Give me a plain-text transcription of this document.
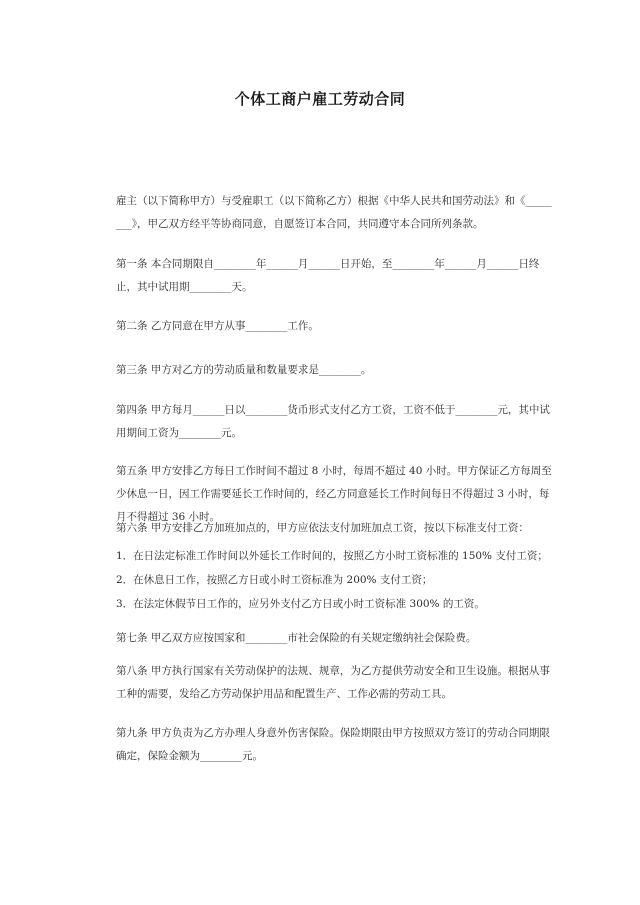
个体工商户雇工劳动合同
雇主（以下简称甲方）与受雇职工（以下简称乙方）根据《中华人民共和国劳动法》和《________》，甲乙双方经平等协商同意，自愿签订本合同，共同遵守本合同所列条款。
第一条 本合同期限自________年______月______日开始，至________年______月______日终止，其中试用期________天。
第二条 乙方同意在甲方从事________工作。
第三条 甲方对乙方的劳动质量和数量要求是________。
第四条 甲方每月______日以________货币形式支付乙方工资，工资不低于________元，其中试用期间工资为________元。
第五条 甲方安排乙方每日工作时间不超过 8 小时，每周不超过 40 小时。甲方保证乙方每周至少休息一日，因工作需要延长工作时间的，经乙方同意延长工作时间每日不得超过 3 小时，每月不得超过 36 小时。
第六条 甲方安排乙方加班加点的，甲方应依法支付加班加点工资，按以下标准支付工资：
1．在日法定标准工作时间以外延长工作时间的，按照乙方小时工资标准的 150% 支付工资；
2．在休息日工作，按照乙方日或小时工资标准为 200% 支付工资；
3．在法定休假节日工作的，应另外支付乙方日或小时工资标准 300% 的工资。
第七条 甲乙双方应按国家和________市社会保险的有关规定缴纳社会保险费。
第八条 甲方执行国家有关劳动保护的法规、规章，为乙方提供劳动安全和卫生设施。根据从事工种的需要，发给乙方劳动保护用品和配置生产、工作必需的劳动工具。
第九条 甲方负责为乙方办理人身意外伤害保险。保险期限由甲方按照双方签订的劳动合同期限确定，保险金额为________元。
